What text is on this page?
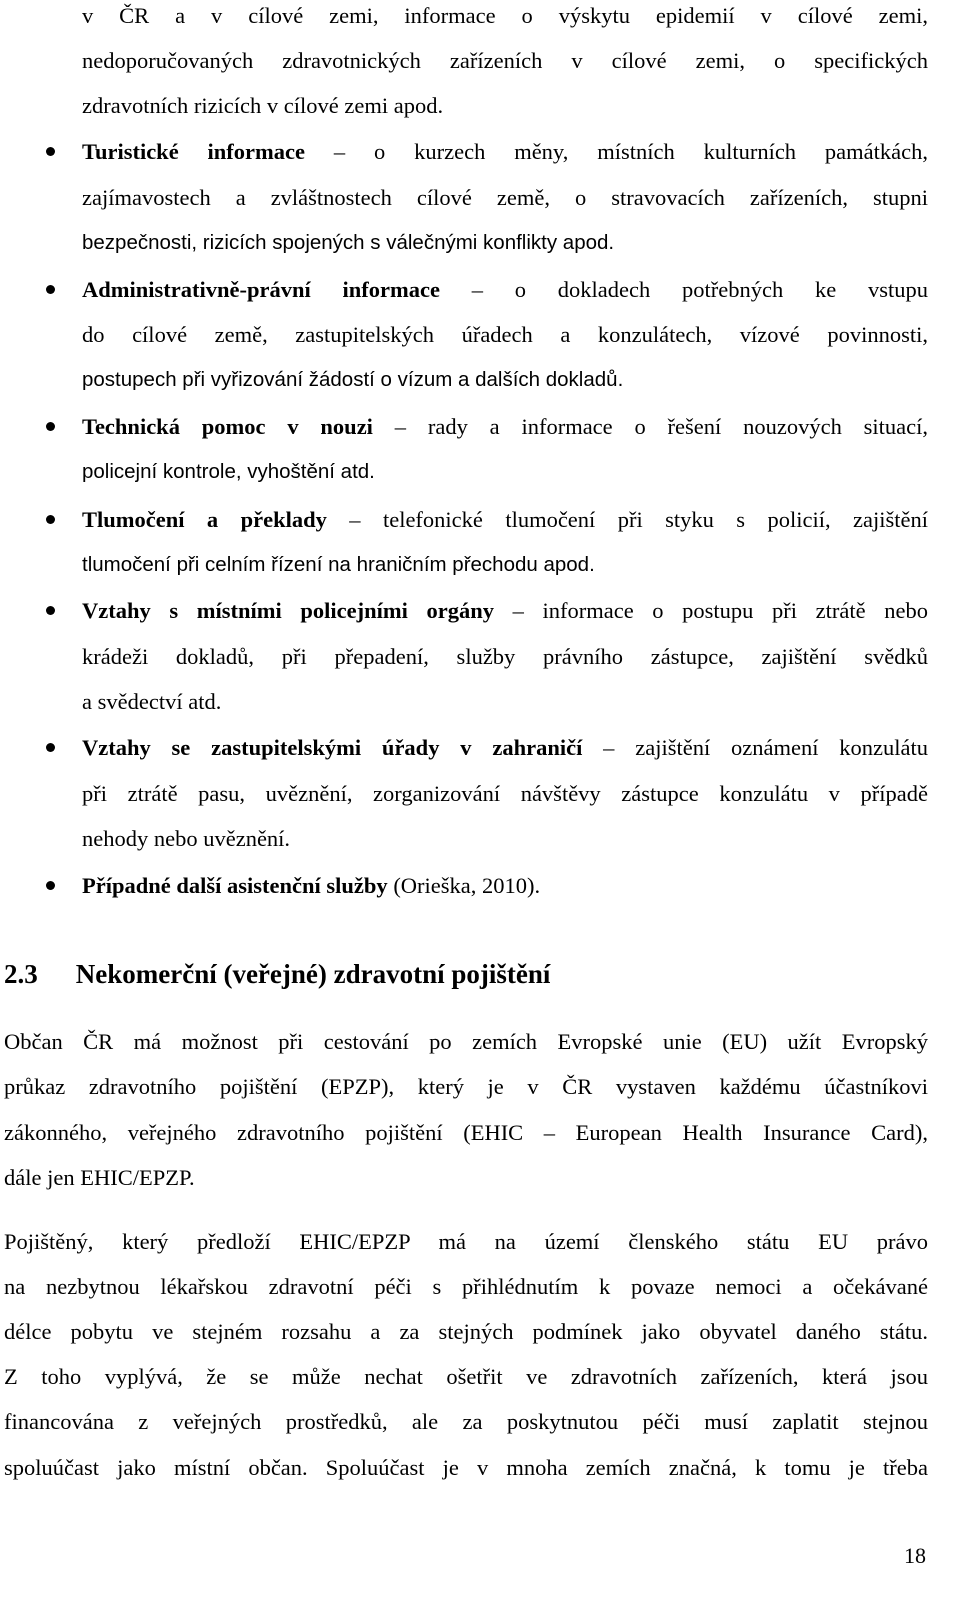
v ČR a v cílové zemi, informace o výskytu epidemií v cílové zemi,

nedoporučovaných zdravotnických zařízeních v cílové zemi, o specifických

zdravotních rizicích v cílové zemi apod.

Turistické informace – o kurzech měny, místních kulturních památkách,

zajímavostech a zvláštnostech cílové země, o stravovacích zařízeních, stupni

bezpečnosti, rizicích spojených s válečnými konflikty apod.

Administrativně-právní informace – o dokladech potřebných ke vstupu

do cílové země, zastupitelských úřadech a konzulátech, vízové povinnosti,

postupech při vyřizování žádostí o vízum a dalších dokladů.

Technická pomoc v nouzi – rady a informace o řešení nouzových situací,

policejní kontrole, vyhoštění atd.

Tlumočení a překlady – telefonické tlumočení při styku s policií, zajištění

tlumočení při celním řízení na hraničním přechodu apod.

Vztahy s místními policejními orgány – informace o postupu při ztrátě nebo

krádeži dokladů, při přepadení, služby právního zástupce, zajištění svědků

a svědectví atd.

Vztahy se zastupitelskými úřady v zahraničí – zajištění oznámení konzulátu

při ztrátě pasu, uvěznění, zorganizování návštěvy zástupce konzulátu v případě

nehody nebo uvěznění.

Případné další asistenční služby (Orieška, 2010).

2.3 Nekomerční (veřejné) zdravotní pojištění

Občan ČR má možnost při cestování po zemích Evropské unie (EU) užít Evropský

průkaz zdravotního pojištění (EPZP), který je v ČR vystaven každému účastníkovi

zákonného, veřejného zdravotního pojištění (EHIC – European Health Insurance Card),

dále jen EHIC/EPZP.

Pojištěný, který předloží EHIC/EPZP má na území členského státu EU právo

na nezbytnou lékařskou zdravotní péči s přihlédnutím k povaze nemoci a očekávané

délce pobytu ve stejném rozsahu a za stejných podmínek jako obyvatel daného státu.

Z toho vyplývá, že se může nechat ošetřit ve zdravotních zařízeních, která jsou

financována z veřejných prostředků, ale za poskytnutou péči musí zaplatit stejnou

spoluúčast jako místní občan. Spoluúčast je v mnoha zemích značná, k tomu je třeba

18
